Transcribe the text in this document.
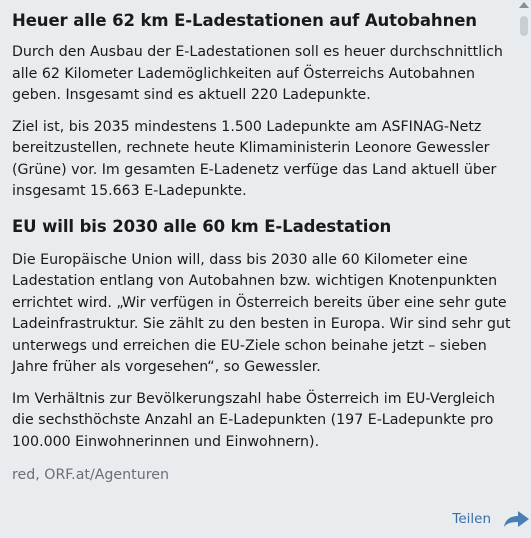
Heuer alle 62 km E-Ladestationen auf Autobahnen

Durch den Ausbau der E-Ladestationen soll es heuer durchschnittlich alle 62 Kilometer Lademöglichkeiten auf Österreichs Autobahnen geben. Insgesamt sind es aktuell 220 Ladepunkte.

Ziel ist, bis 2035 mindestens 1.500 Ladepunkte am ASFINAG-Netz bereitzustellen, rechnete heute Klimaministerin Leonore Gewessler (Grüne) vor. Im gesamten E-Ladenetz verfüge das Land aktuell über insgesamt 15.663 E-Ladepunkte.

EU will bis 2030 alle 60 km E-Ladestation

Die Europäische Union will, dass bis 2030 alle 60 Kilometer eine Ladestation entlang von Autobahnen bzw. wichtigen Knotenpunkten errichtet wird. „Wir verfügen in Österreich bereits über eine sehr gute Ladeinfrastruktur. Sie zählt zu den besten in Europa. Wir sind sehr gut unterwegs und erreichen die EU-Ziele schon beinahe jetzt – sieben Jahre früher als vorgesehen“, so Gewessler.

Im Verhältnis zur Bevölkerungszahl habe Österreich im EU-Vergleich die sechsthöchste Anzahl an E-Ladepunkten (197 E-Ladepunkte pro 100.000 Einwohnerinnen und Einwohnern).

red, ORF.at/Agenturen
Teilen
